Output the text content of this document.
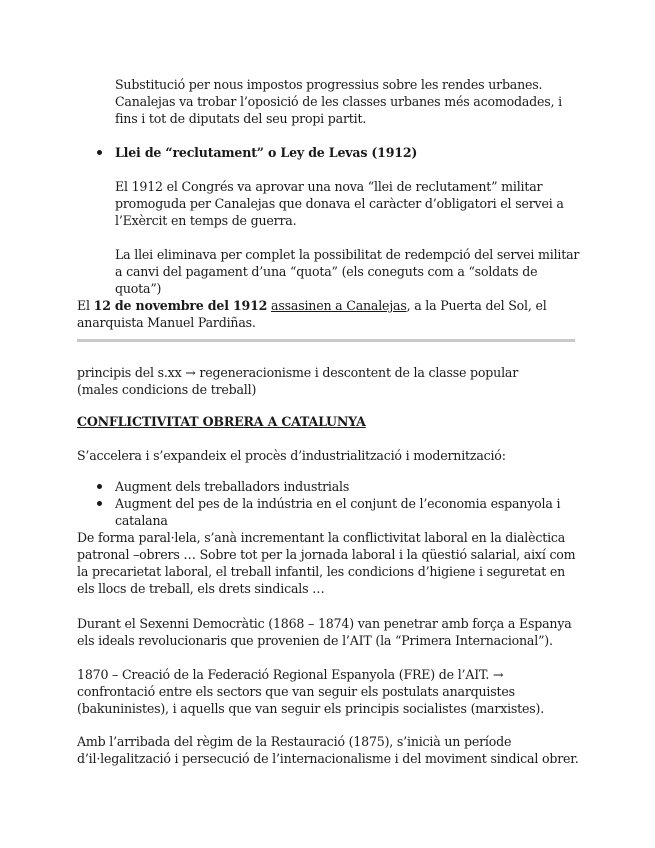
Substitució per nous impostos progressius sobre les rendes urbanes. Canalejas va trobar l’oposició de les classes urbanes més acomodades, i fins i tot de diputats del seu propi partit.

Llei de “reclutament” o Ley de Levas (1912)

El 1912 el Congrés va aprovar una nova “llei de reclutament” militar promoguda per Canalejas que donava el caràcter d’obligatori el servei a l’Exèrcit en temps de guerra.

La llei eliminava per complet la possibilitat de redempció del servei militar a canvi del pagament d’una “quota” (els coneguts com a “soldats de quota”)

El 12 de novembre del 1912 assasinen a Canalejas, a la Puerta del Sol, el anarquista Manuel Pardiñas.

principis del s.xx → regeneracionisme i descontent de la classe popular (males condicions de treball)

CONFLICTIVITAT OBRERA A CATALUNYA

S’accelera i s’expandeix el procès d’industrialització i modernització:

Augment dels treballadors industrials

Augment del pes de la indústria en el conjunt de l’economia espanyola i catalana

De forma paral·lela, s’anà incrementant la conflictivitat laboral en la dialèctica patronal –obrers … Sobre tot per la jornada laboral i la qüestió salarial, així com la precarietat laboral, el treball infantil, les condicions d’higiene i seguretat en els llocs de treball, els drets sindicals …

Durant el Sexenni Democràtic (1868 – 1874) van penetrar amb força a Espanya els ideals revolucionaris que provenien de l’AIT (la “Primera Internacional”).

1870 – Creació de la Federació Regional Espanyola (FRE) de l’AIT. → confrontació entre els sectors que van seguir els postulats anarquistes (bakuninistes), i aquells que van seguir els principis socialistes (marxistes).

Amb l’arribada del règim de la Restauració (1875), s’inicià un període d’il·legalització i persecució de l’internacionalisme i del moviment sindical obrer.
